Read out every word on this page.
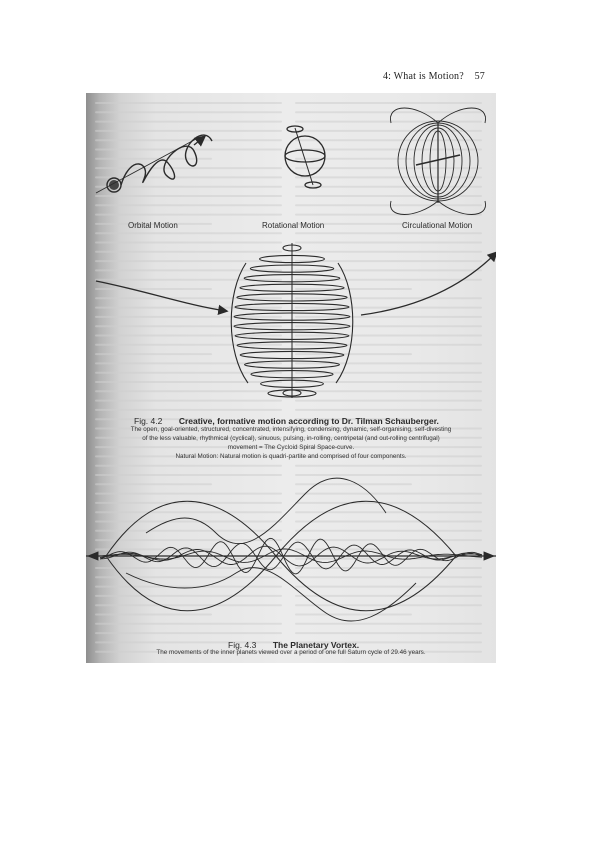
4: What is Motion? 57
Orbital Motion	Rotational Motion	Circulational Motion
Fig. 4.2 Creative, formative motion according to Dr. Tilman Schauberger.
The open, goal-oriented, structured, concentrated, intensifying, condensing, dynamic, self-organising, self-divesting
of the less valuable, rhythmical (cyclical), sinuous, pulsing, in-rolling, centripetal (and out-rolling centrifugal)
movement = The Cycloid Spiral Space-curve.
Natural Motion: Natural motion is quadri-partite and comprised of four components.
Fig. 4.3 The Planetary Vortex.
The movements of the inner planets viewed over a period of one full Saturn cycle of 29.46 years.
